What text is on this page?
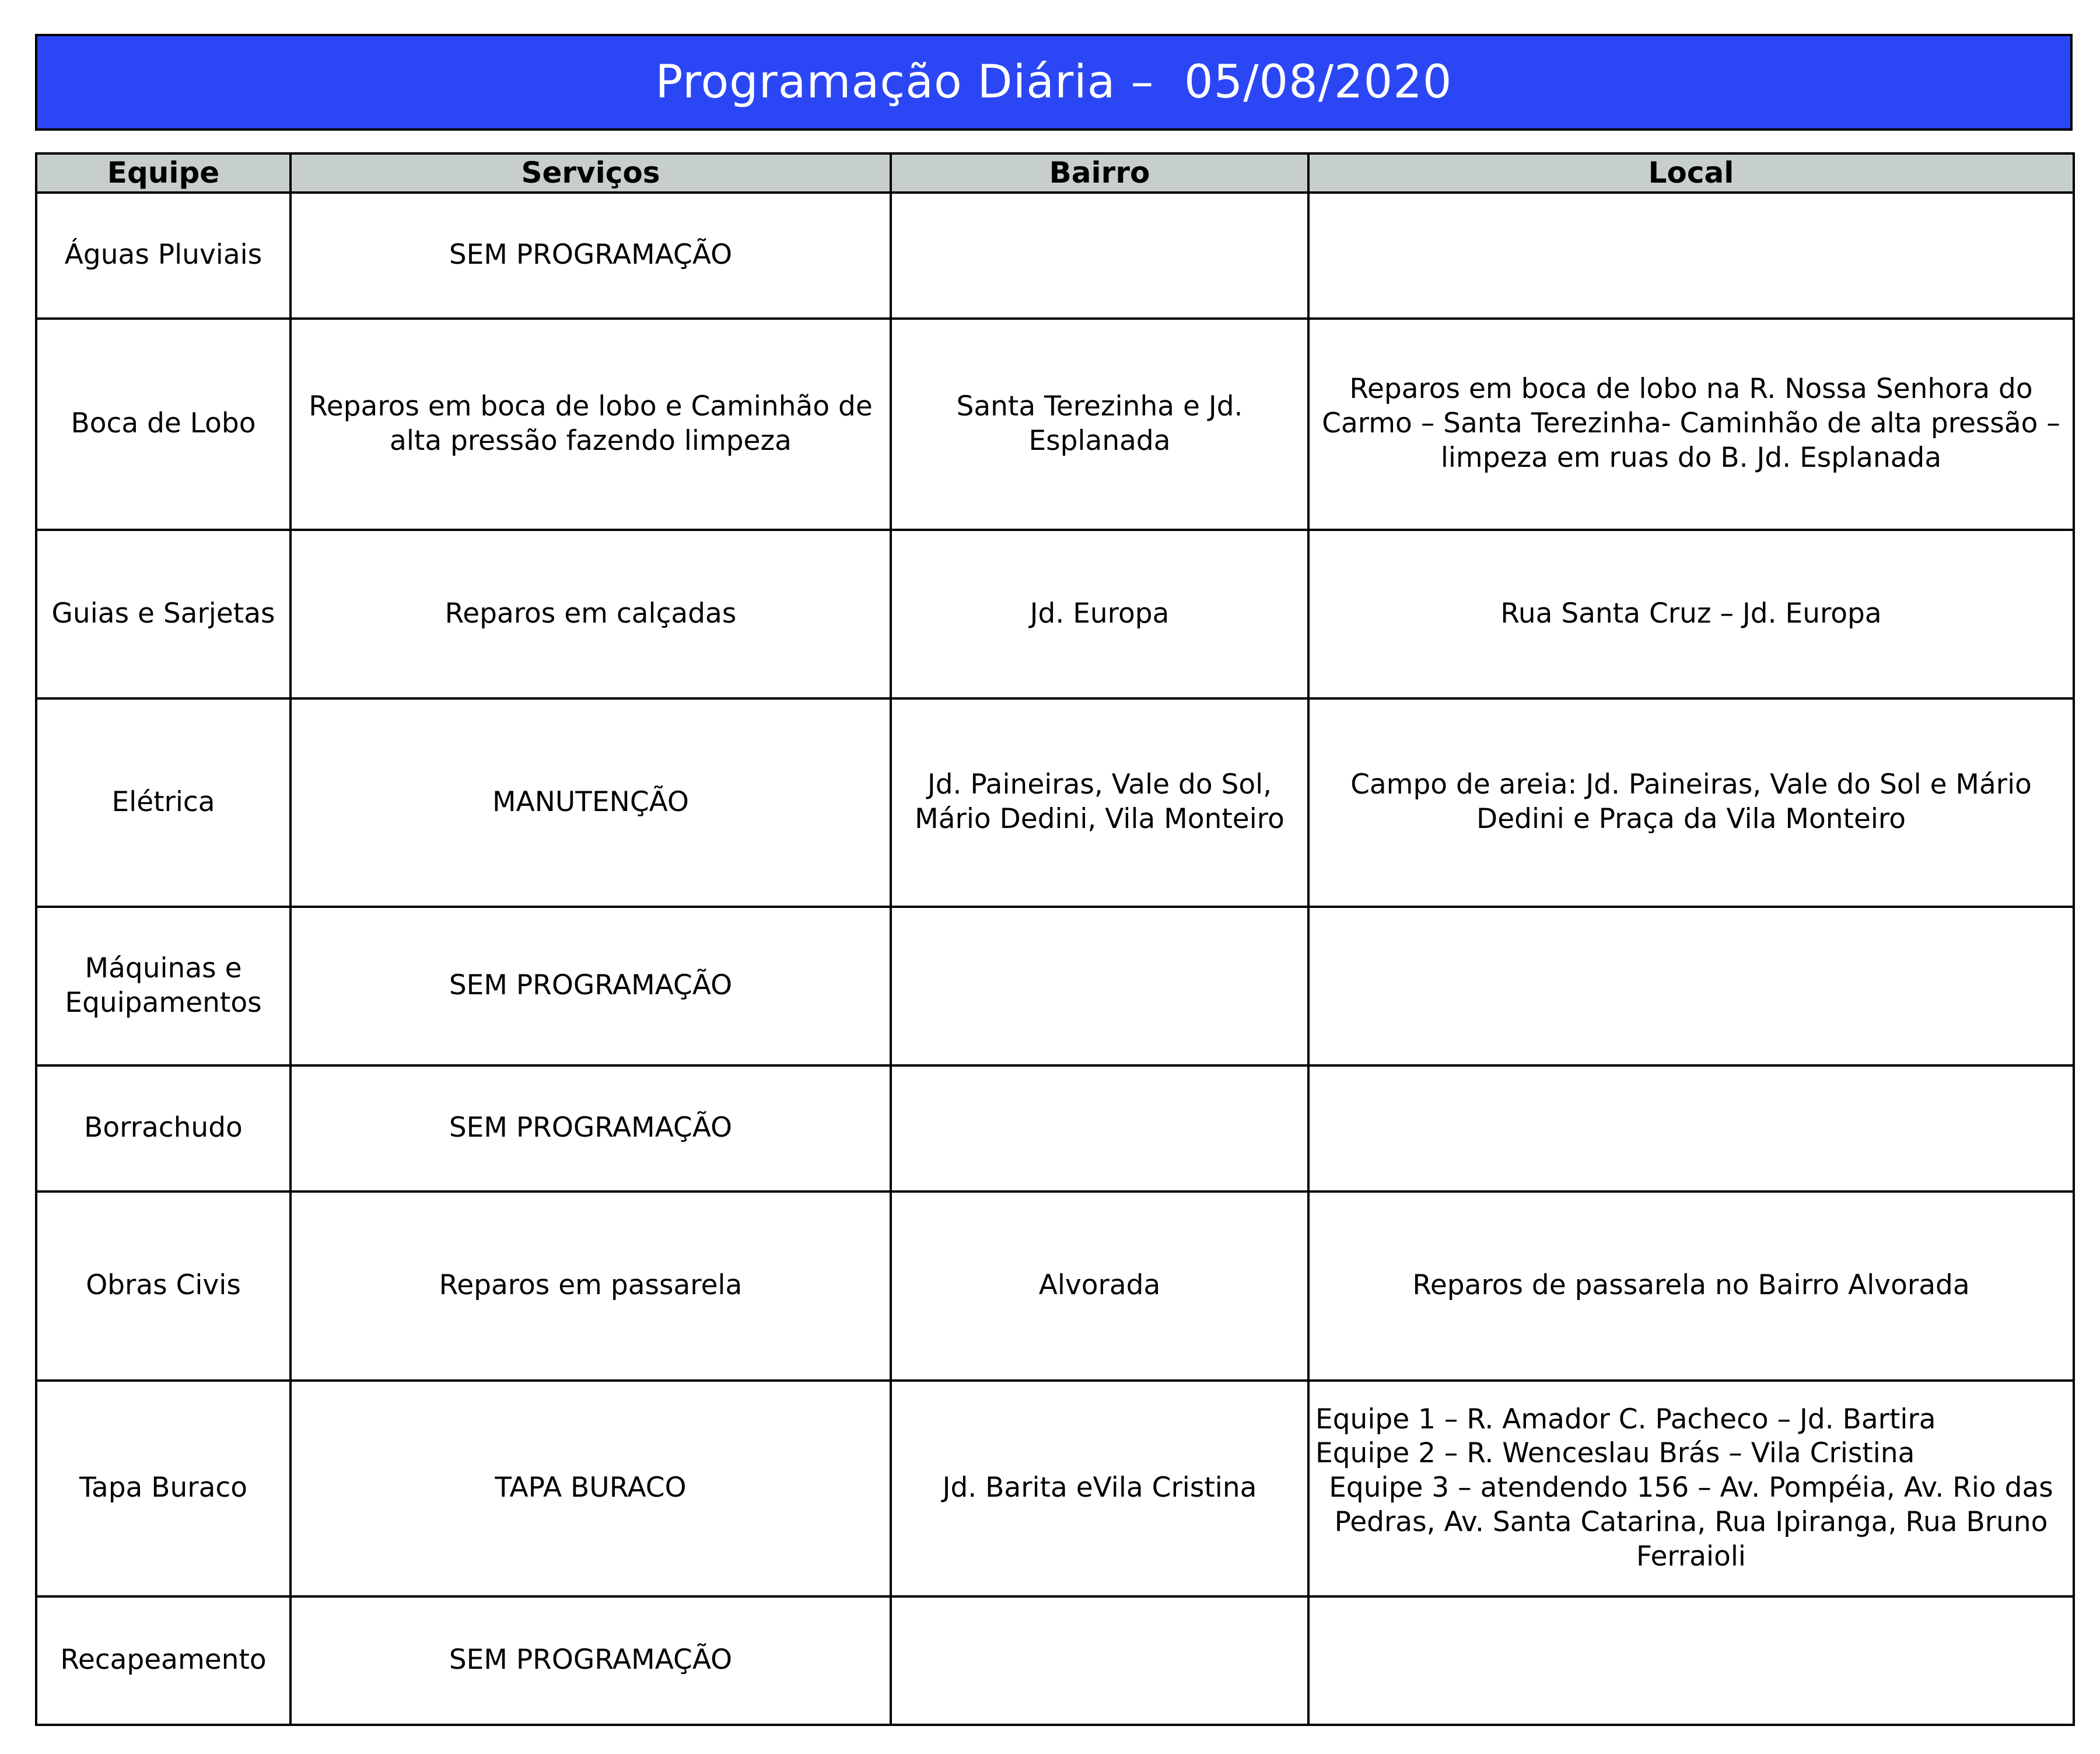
Programação Diária –  05/08/2020
Equipe	Serviços	Bairro	Local
Águas Pluviais	SEM PROGRAMAÇÃO		
Boca de Lobo	Reparos em boca de lobo e Caminhão de alta pressão fazendo limpeza	Santa Terezinha e Jd. Esplanada	Reparos em boca de lobo na R. Nossa Senhora do Carmo – Santa Terezinha- Caminhão de alta pressão – limpeza em ruas do B. Jd. Esplanada
Guias e Sarjetas	Reparos em calçadas	Jd. Europa	Rua Santa Cruz – Jd. Europa
Elétrica	MANUTENÇÃO	Jd. Paineiras, Vale do Sol, Mário Dedini, Vila Monteiro	Campo de areia: Jd. Paineiras, Vale do Sol e Mário Dedini e Praça da Vila Monteiro
Máquinas e Equipamentos	SEM PROGRAMAÇÃO		
Borrachudo	SEM PROGRAMAÇÃO		
Obras Civis	Reparos em passarela	Alvorada	Reparos de passarela no Bairro Alvorada
Tapa Buraco	TAPA BURACO	Jd. Barita eVila Cristina	Equipe 1 – R. Amador C. Pacheco – Jd. Bartira
Equipe 2 – R. Wenceslau Brás – Vila Cristina
Equipe 3 – atendendo 156 – Av. Pompéia, Av. Rio das Pedras, Av. Santa Catarina, Rua Ipiranga, Rua Bruno Ferraioli

Recapeamento	SEM PROGRAMAÇÃO		
